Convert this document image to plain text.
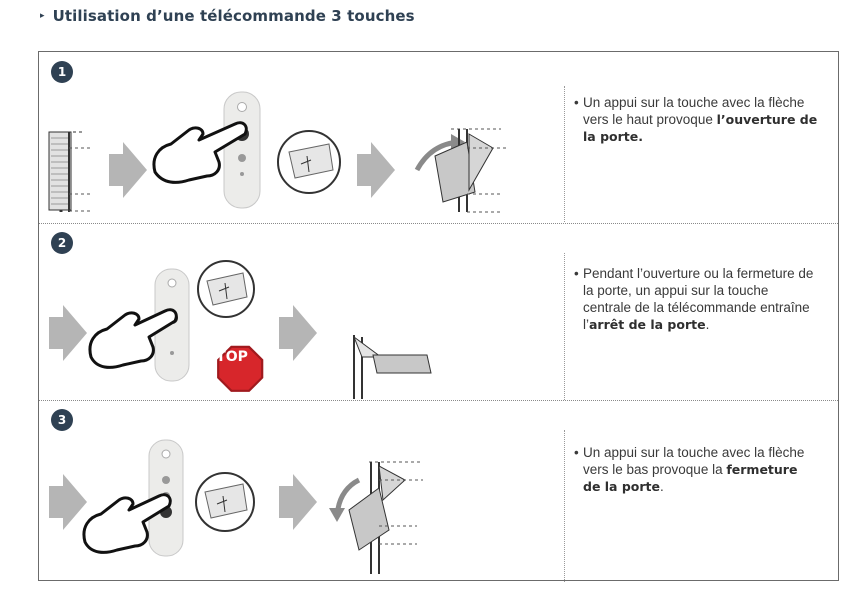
▸ Utilisation d’une télécommande 3 touches
1
• Un appui sur la touche avec la flèche vers le haut provoque l’ouverture de la porte.
2
STOP
• Pendant l’ouverture ou la fermeture de la porte, un appui sur la touche centrale de la télécommande entraîne l’arrêt de la porte.
3
• Un appui sur la touche avec la flèche vers le bas provoque la fermeture de la porte.
